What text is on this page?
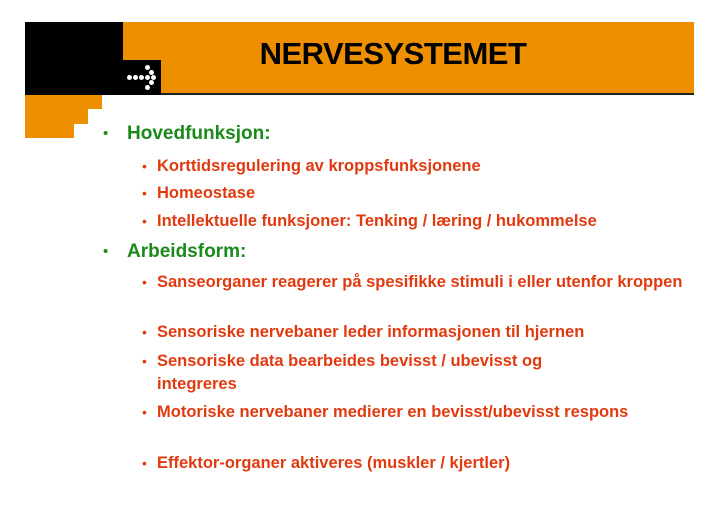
NERVESYSTEMET
• Hovedfunksjon:
• Korttidsregulering av kroppsfunksjonene
• Homeostase
• Intellektuelle funksjoner: Tenking / læring / hukommelse
• Arbeidsform:
• Sanseorganer reagerer på spesifikke stimuli i eller utenfor kroppen
• Sensoriske nervebaner leder informasjonen til hjernen
• Sensoriske data bearbeides bevisst / ubevisst og integreres
• Motoriske nervebaner medierer en bevisst/ubevisst respons
• Effektor-organer aktiveres (muskler / kjertler)
